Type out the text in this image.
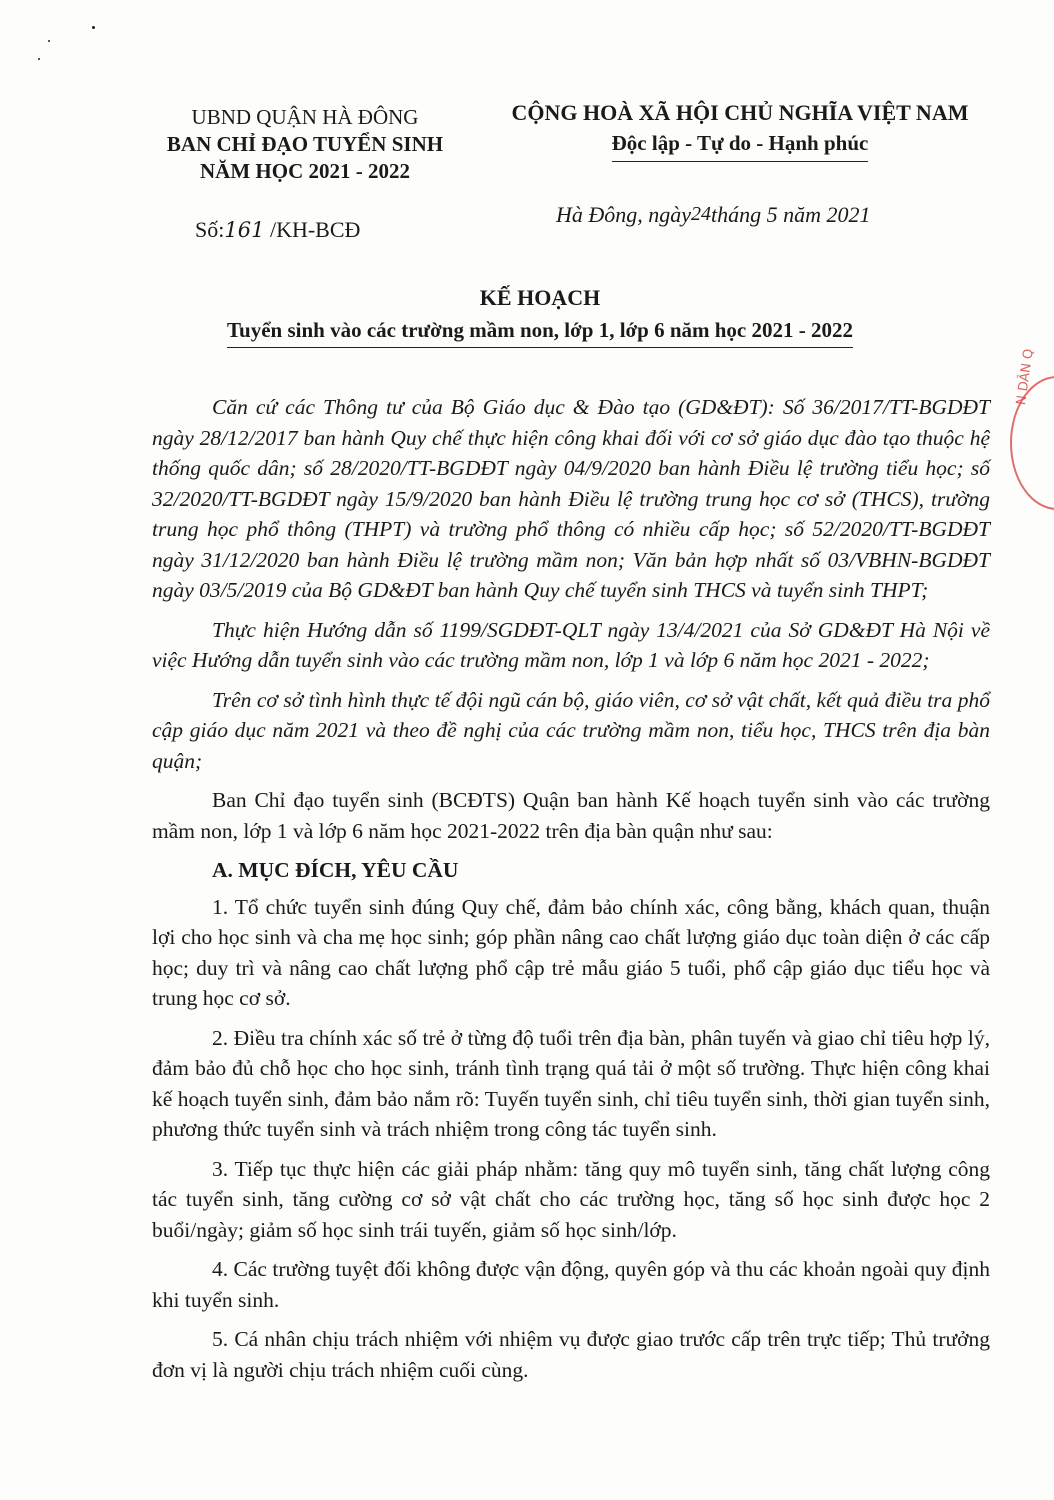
UBND QUẬN HÀ ĐÔNG
BAN CHỈ ĐẠO TUYỂN SINH
NĂM HỌC 2021 - 2022
CỘNG HOÀ XÃ HỘI CHỦ NGHĨA VIỆT NAM
Độc lập - Tự do - Hạnh phúc
Số:161 /KH-BCĐ
Hà Đông, ngày24tháng 5 năm 2021
KẾ HOẠCH
Tuyển sinh vào các trường mầm non, lớp 1, lớp 6 năm học 2021 - 2022
N DÂN Q

Căn cứ các Thông tư của Bộ Giáo dục & Đào tạo (GD&ĐT): Số 36/2017/TT-BGDĐT ngày 28/12/2017 ban hành Quy chế thực hiện công khai đối với cơ sở giáo dục đào tạo thuộc hệ thống quốc dân; số 28/2020/TT-BGDĐT ngày 04/9/2020 ban hành Điều lệ trường tiểu học; số 32/2020/TT-BGDĐT ngày 15/9/2020 ban hành Điều lệ trường trung học cơ sở (THCS), trường trung học phổ thông (THPT) và trường phổ thông có nhiều cấp học; số 52/2020/TT-BGDĐT ngày 31/12/2020 ban hành Điều lệ trường mầm non; Văn bản hợp nhất số 03/VBHN-BGDĐT ngày 03/5/2019 của Bộ GD&ĐT ban hành Quy chế tuyển sinh THCS và tuyển sinh THPT;

Thực hiện Hướng dẫn số 1199/SGDĐT-QLT ngày 13/4/2021 của Sở GD&ĐT Hà Nội về việc Hướng dẫn tuyển sinh vào các trường mầm non, lớp 1 và lớp 6 năm học 2021 - 2022;

Trên cơ sở tình hình thực tế đội ngũ cán bộ, giáo viên, cơ sở vật chất, kết quả điều tra phổ cập giáo dục năm 2021 và theo đề nghị của các trường mầm non, tiểu học, THCS trên địa bàn quận;

Ban Chỉ đạo tuyển sinh (BCĐTS) Quận ban hành Kế hoạch tuyển sinh vào các trường mầm non, lớp 1 và lớp 6 năm học 2021-2022 trên địa bàn quận như sau:

A. MỤC ĐÍCH, YÊU CẦU

1. Tổ chức tuyển sinh đúng Quy chế, đảm bảo chính xác, công bằng, khách quan, thuận lợi cho học sinh và cha mẹ học sinh; góp phần nâng cao chất lượng giáo dục toàn diện ở các cấp học; duy trì và nâng cao chất lượng phổ cập trẻ mẫu giáo 5 tuổi, phổ cập giáo dục tiểu học và trung học cơ sở.

2. Điều tra chính xác số trẻ ở từng độ tuổi trên địa bàn, phân tuyến và giao chỉ tiêu hợp lý, đảm bảo đủ chỗ học cho học sinh, tránh tình trạng quá tải ở một số trường. Thực hiện công khai kế hoạch tuyển sinh, đảm bảo nắm rõ: Tuyến tuyển sinh, chỉ tiêu tuyển sinh, thời gian tuyển sinh, phương thức tuyển sinh và trách nhiệm trong công tác tuyển sinh.

3. Tiếp tục thực hiện các giải pháp nhằm: tăng quy mô tuyển sinh, tăng chất lượng công tác tuyển sinh, tăng cường cơ sở vật chất cho các trường học, tăng số học sinh được học 2 buổi/ngày; giảm số học sinh trái tuyến, giảm số học sinh/lớp.

4. Các trường tuyệt đối không được vận động, quyên góp và thu các khoản ngoài quy định khi tuyển sinh.

5. Cá nhân chịu trách nhiệm với nhiệm vụ được giao trước cấp trên trực tiếp; Thủ trưởng đơn vị là người chịu trách nhiệm cuối cùng.
